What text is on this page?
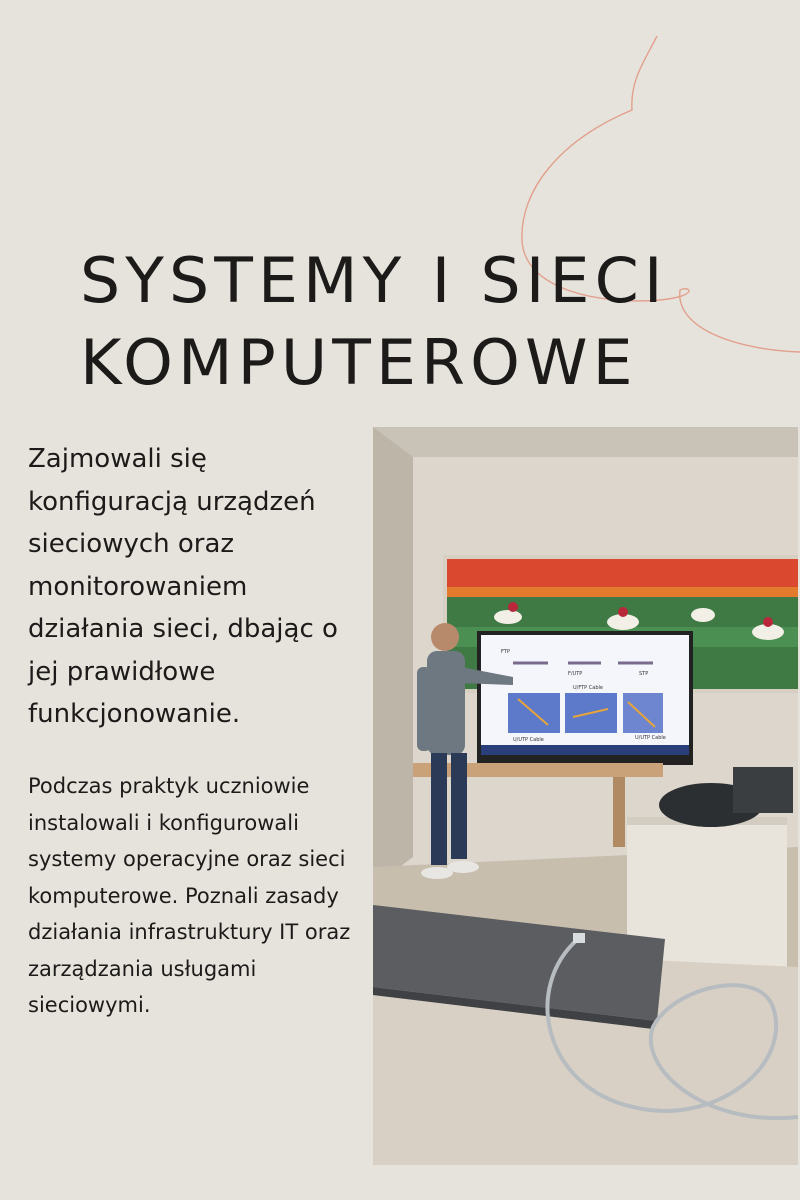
SYSTEMY I SIECI
KOMPUTEROWE

Zajmowali się konfiguracją urządzeń sieciowych oraz monitorowaniem działania sieci, dbając o jej prawidłowe funkcjonowanie.

Podczas praktyk uczniowie instalowali i konfigurowali systemy operacyjne oraz sieci komputerowe. Poznali zasady działania infrastruktury IT oraz zarządzania usługami sieciowymi.

FTP
F/UTP	STP
U/FTP Cable
U/UTP Cable
U/UTP Cable
